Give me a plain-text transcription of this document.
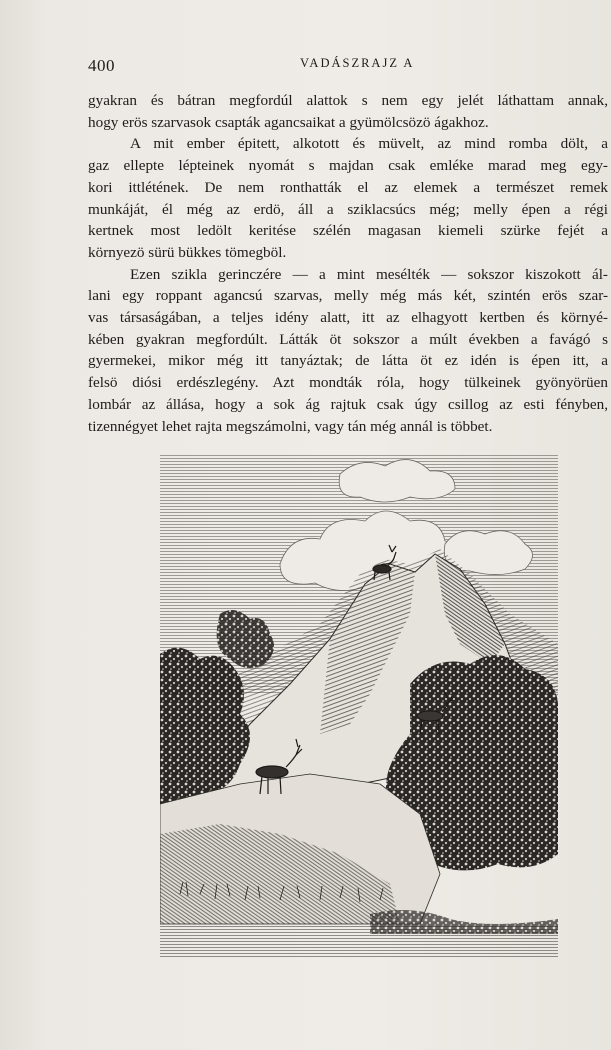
400	VADÁSZRAJZ A

gyakran és bátran megfordúl alattok s nem egy jelét láthattam annak,
hogy erös szarvasok csapták agancsaikat a gyümölcsözö ágakhoz.

A mit ember épitett, alkotott és müvelt, az mind romba dölt, a
gaz ellepte lépteinek nyomát s majdan csak emléke marad meg egy-
kori ittlétének. De nem ronthatták el az elemek a természet remek
munkáját, él még az erdö, áll a sziklacsúcs még; melly épen a régi
kertnek most ledölt keritése szélén magasan kiemeli szürke fejét a
környezö sürü bükkes tömegböl.

Ezen szikla gerinczére — a mint mesélték — sokszor kiszokott ál-
lani egy roppant agancsú szarvas, melly még más két, szintén erös szar-
vas társaságában, a teljes idény alatt, itt az elhagyott kertben és környé-
kében gyakran megfordúlt. Látták öt sokszor a múlt években a favágó s
gyermekei, mikor még itt tanyáztak; de látta öt ez idén is épen itt, a
felsö diósi erdészlegény. Azt mondták róla, hogy tülkeinek gyönyörüen
lombár az állása, hogy a sok ág rajtuk csak úgy csillog az esti fényben,
tizennégyet lehet rajta megszámolni, vagy tán még annál is többet.
